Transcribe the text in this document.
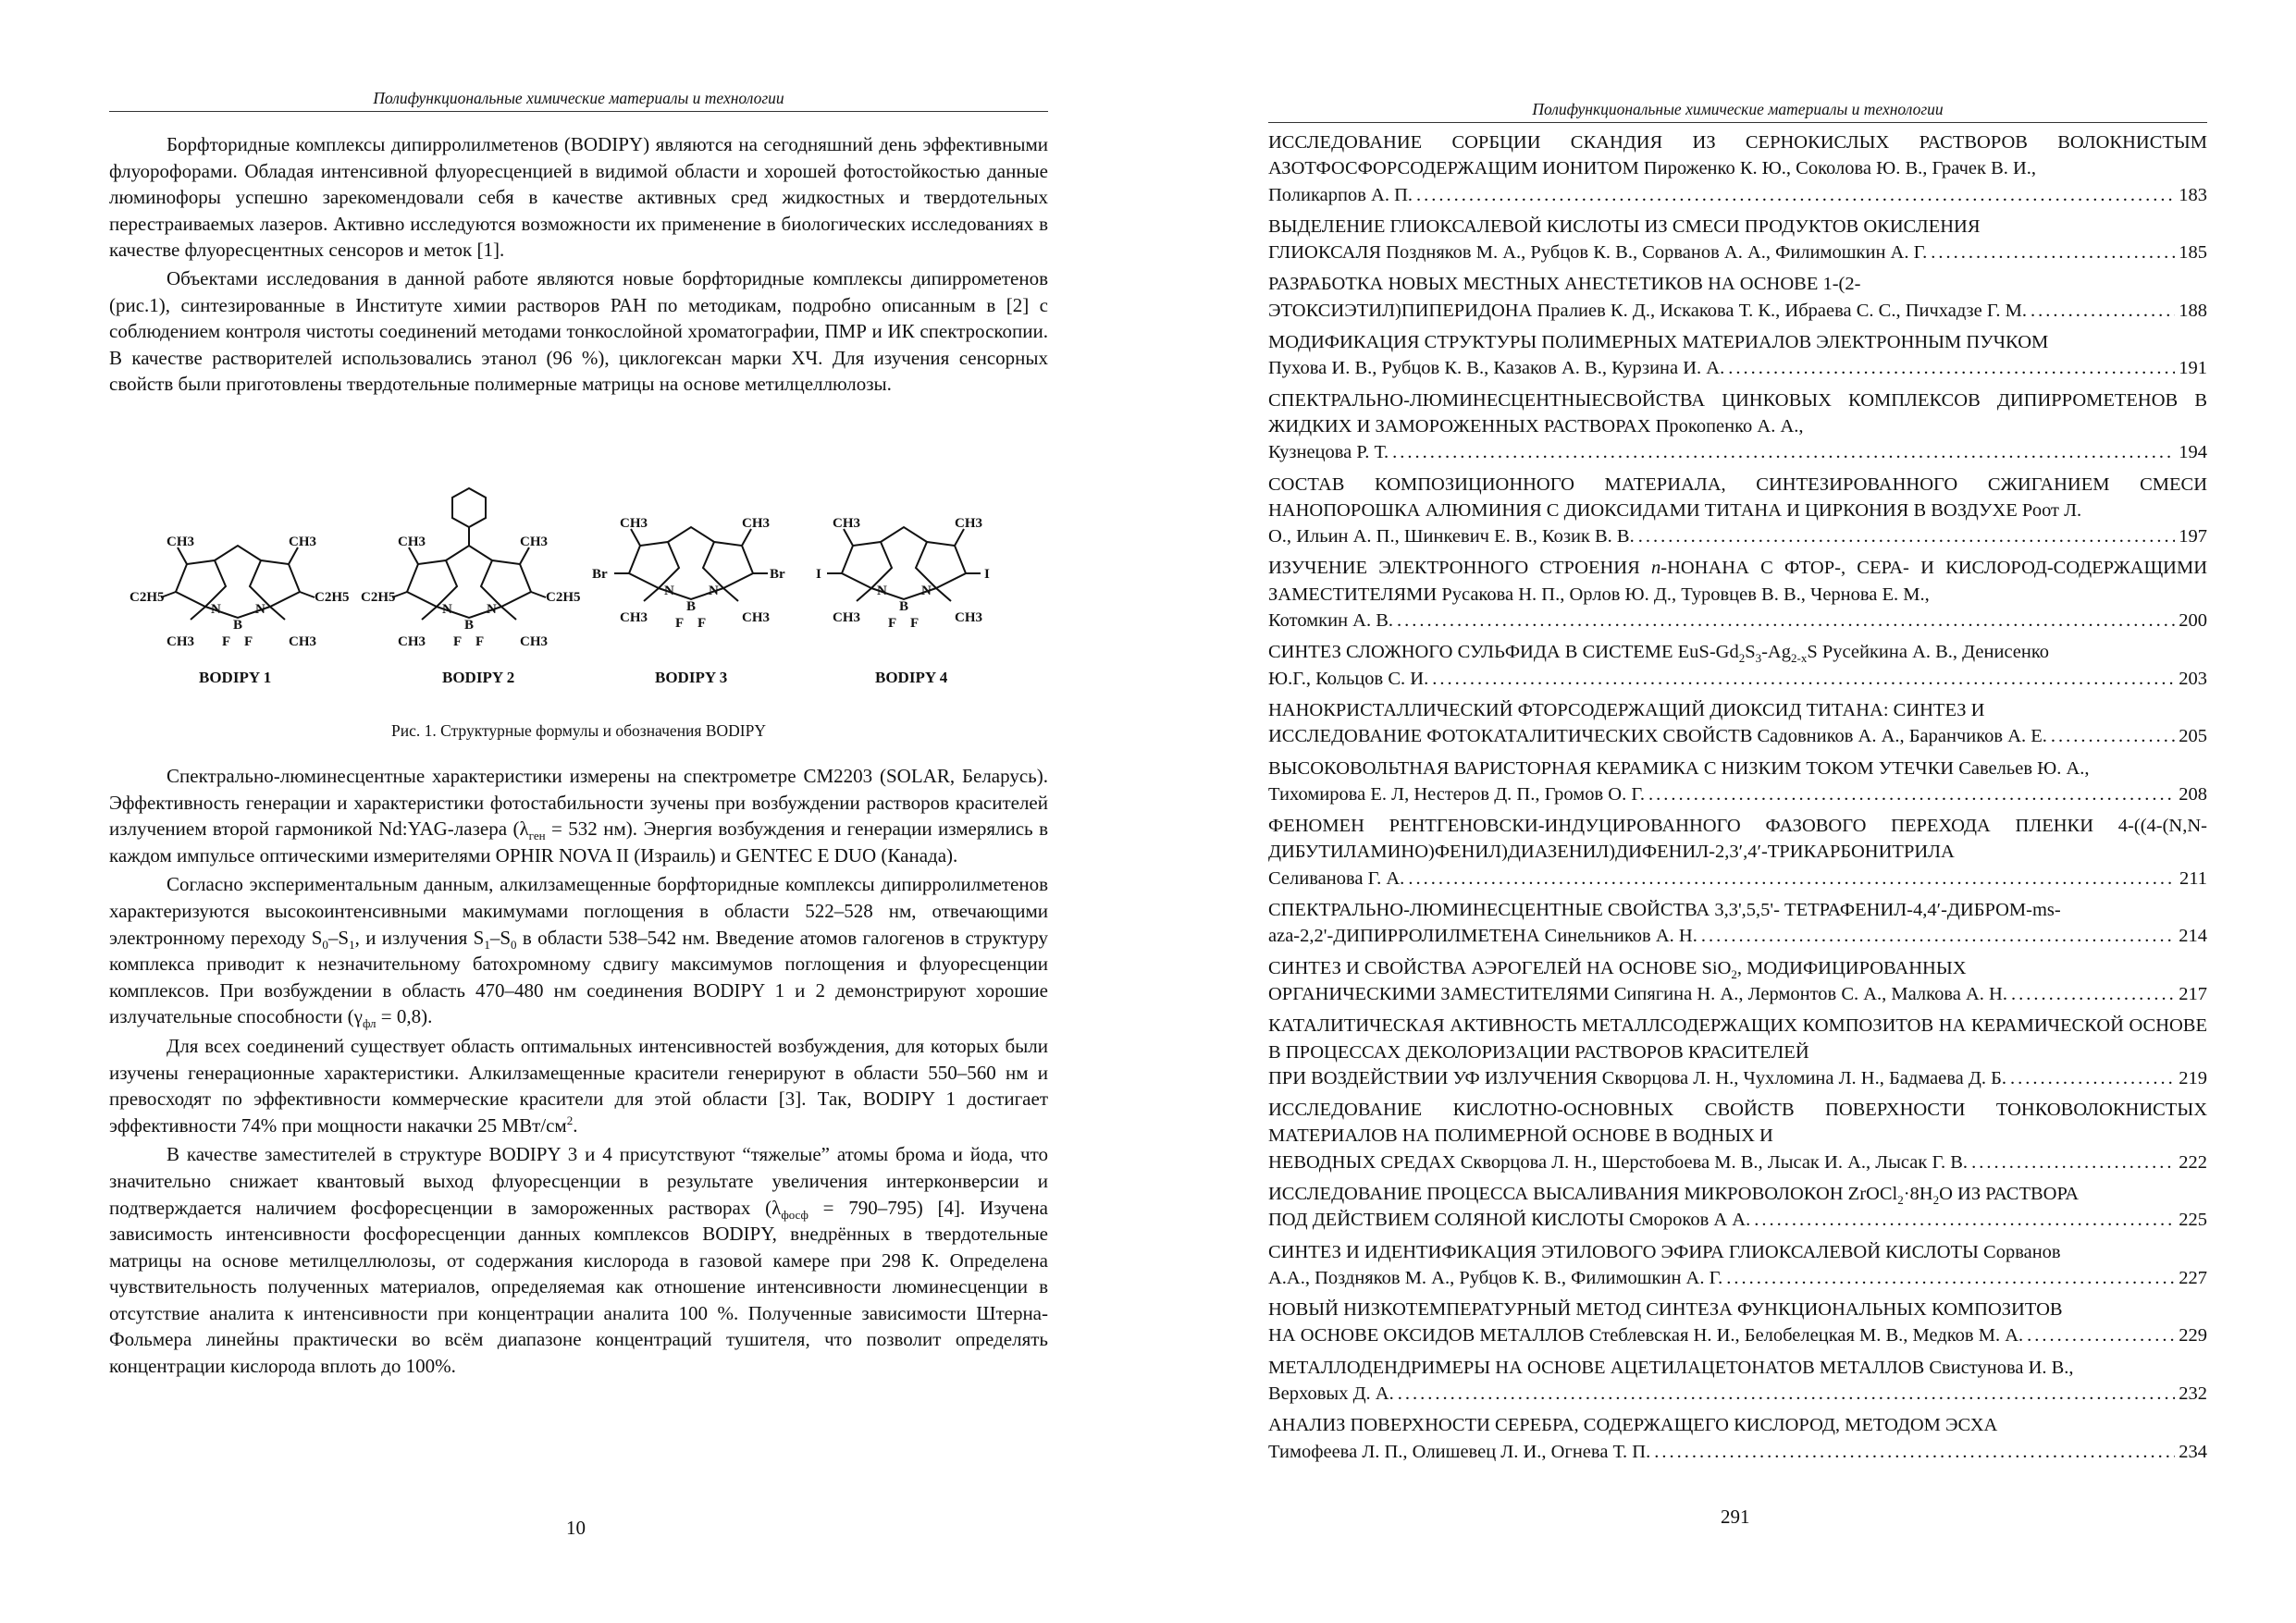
Полифункциональные химические материалы и технологии

Борфторидные комплексы дипирролилметенов (BODIPY) являются на сегодняшний день эффективными флуорофорами. Обладая интенсивной флуоресценцией в видимой области и хорошей фотостойкостью данные люминофоры успешно зарекомендовали себя в качестве активных сред жидкостных и твердотельных перестраиваемых лазеров. Активно исследуются возможности их применение в биологических исследованиях в качестве флуоресцентных сенсоров и меток [1].

Объектами исследования в данной работе являются новые борфторидные комплексы дипиррометенов (рис.1), синтезированные в Институте химии растворов РАН по методикам, подробно описанным в [2] с соблюдением контроля чистоты соединений методами тонкослойной хроматографии, ПМР и ИК спектроскопии. В качестве растворителей использовались этанол (96 %), циклогексан марки ХЧ. Для изучения сенсорных свойств были приготовлены твердотельные полимерные матрицы на основе метилцеллюлозы.

CH3	CH3
C2H5	C2H5
N N
B
F F
CH3	CH3
CH3	CH3
C2H5	C2H5
N N
B
F F
CH3	CH3
CH3	CH3
Br	Br
N N
B
F F
CH3	CH3
CH3	CH3
I	I
N N
B
F F
CH3	CH3
BODIPY 1	BODIPY 2	BODIPY 3	BODIPY 4
Рис. 1. Структурные формулы и обозначения BODIPY

Спектрально-люминесцентные характеристики измерены на спектрометре CM2203 (SOLAR, Беларусь). Эффективность генерации и характеристики фотостабильности зучены при возбуждении растворов красителей излучением второй гармоникой Nd:YAG-лазера ($\lambda_{ген} = 532$ нм). Энергия возбуждения и генерации измерялись в каждом импульсе оптическими измерителями OPHIR NOVA II (Израиль) и GENTEC E DUO (Канада).

Согласно экспериментальным данным, алкилзамещенные борфторидные комплексы дипирролилметенов характеризуются высокоинтенсивными макимумами поглощения в области 522–528 нм, отвечающими электронному переходу $S_0-S_1$, и излучения $S_1-S_0$ в области 538–542 нм. Введение атомов галогенов в структуру комплекса приводит к незначительному батохромному сдвигу максимумов поглощения и флуоресценции комплексов. При возбуждении в область 470–480 нм соединения BODIPY 1 и 2 демонстрируют хорошие излучательные способности $(\gamma_{фл} = 0,8)$.

Для всех соединений существует область оптимальных интенсивностей возбуждения, для которых были изучены генерационные характеристики. Алкилзамещенные красители генерируют в области 550–560 нм и превосходят по эффективности коммерческие красители для этой области [3]. Так, BODIPY 1 достигает эффективности 74% при мощности накачки 25 МВт/$см^2$.

В качестве заместителей в структуре BODIPY 3 и 4 присутствуют “тяжелые” атомы брома и йода, что значительно снижает квантовый выход флуоресценции в результате увеличения интерконверсии и подтверждается наличием фосфоресценции в замороженных растворах $(\lambda_{фосф} = 790-795)$ [4]. Изучена зависимость интенсивности фосфоресценции данных комплексов BODIPY, внедрённых в твердотельные матрицы на основе метилцеллюлозы, от содержания кислорода в газовой камере при 298 К. Определена чувствительность полученных материалов, определяемая как отношение интенсивности люминесценции в отсутствие аналита к интенсивности при концентрации аналита 100 %. Полученные зависимости Штерна-Фольмера линейны практически во всём диапазоне концентраций тушителя, что позволит определять концентрации кислорода вплоть до 100%.

10
Полифункциональные химические материалы и технологии
ИССЛЕДОВАНИЕ СОРБЦИИ СКАНДИЯ ИЗ СЕРНОКИСЛЫХ РАСТВОРОВ ВОЛОКНИСТЫМ АЗОТФОСФОРСОДЕРЖАЩИМ ИОНИТОМ Пироженко К. Ю., Соколова Ю. В., Грачек В. И.,
Поликарпов А. П. .....	183
ВЫДЕЛЕНИЕ ГЛИОКСАЛЕВОЙ КИСЛОТЫ ИЗ СМЕСИ ПРОДУКТОВ ОКИСЛЕНИЯ
ГЛИОКСАЛЯ Поздняков М. А., Рубцов К. В., Сорванов А. А., Филимошкин А. Г. .....	185
РАЗРАБОТКА НОВЫХ МЕСТНЫХ АНЕСТЕТИКОВ НА ОСНОВЕ 1-(2-
ЭТОКСИЭТИЛ)ПИПЕРИДОНА Пралиев К. Д., Искакова Т. К., Ибраева С. С., Пичхадзе Г. М. .....	188
МОДИФИКАЦИЯ СТРУКТУРЫ ПОЛИМЕРНЫХ МАТЕРИАЛОВ ЭЛЕКТРОННЫМ ПУЧКОМ
Пухова И. В., Рубцов К. В., Казаков А. В., Курзина И. А. .....	191
СПЕКТРАЛЬНО-ЛЮМИНЕСЦЕНТНЫЕСВОЙСТВА ЦИНКОВЫХ КОМПЛЕКСОВ ДИПИРРОМЕТЕНОВ В ЖИДКИХ И ЗАМОРОЖЕННЫХ РАСТВОРАХ Прокопенко А. А.,
Кузнецова Р. Т. .....	194
СОСТАВ КОМПОЗИЦИОННОГО МАТЕРИАЛА, СИНТЕЗИРОВАННОГО СЖИГАНИЕМ СМЕСИ НАНОПОРОШКА АЛЮМИНИЯ С ДИОКСИДАМИ ТИТАНА И ЦИРКОНИЯ В ВОЗДУХЕ Роот Л.
О., Ильин А. П., Шинкевич Е. В., Козик В. В. .....	197
ИЗУЧЕНИЕ ЭЛЕКТРОННОГО СТРОЕНИЯ n-НОНАНА С ФТОР-, СЕРА- И КИСЛОРОД-СОДЕРЖАЩИМИ ЗАМЕСТИТЕЛЯМИ Русакова Н. П., Орлов Ю. Д., Туровцев В. В., Чернова Е. М.,
Котомкин А. В. .....	200
СИНТЕЗ СЛОЖНОГО СУЛЬФИДА В СИСТЕМЕ EuS-$Gd_2S_3-Ag_{2-x}S$ Русейкина А. В., Денисенко
Ю.Г., Кольцов С. И. .....	203
НАНОКРИСТАЛЛИЧЕСКИЙ ФТОРСОДЕРЖАЩИЙ ДИОКСИД ТИТАНА: СИНТЕЗ И
ИССЛЕДОВАНИЕ ФОТОКАТАЛИТИЧЕСКИХ СВОЙСТВ Садовников А. А., Баранчиков А. Е. .....	205
ВЫСОКОВОЛЬТНАЯ ВАРИСТОРНАЯ КЕРАМИКА С НИЗКИМ ТОКОМ УТЕЧКИ Савельев Ю. А.,
Тихомирова Е. Л, Нестеров Д. П., Громов О. Г. .....	208
ФЕНОМЕН РЕНТГЕНОВСКИ-ИНДУЦИРОВАННОГО ФАЗОВОГО ПЕРЕХОДА ПЛЕНКИ 4-((4-(N,N-ДИБУТИЛАМИНО)ФЕНИЛ)ДИАЗЕНИЛ)ДИФЕНИЛ-2,3′,4′-ТРИКАРБОНИТРИЛА
Селиванова Г. А. .....	211
СПЕКТРАЛЬНО-ЛЮМИНЕСЦЕНТНЫЕ СВОЙСТВА 3,3',5,5'- ТЕТРАФЕНИЛ-4,4′-ДИБРОМ-ms-
aza-2,2'-ДИПИРРОЛИЛМЕТЕНА Синельников А. Н. .....	214
СИНТЕЗ И СВОЙСТВА АЭРОГЕЛЕЙ НА ОСНОВЕ SiO$_2$, МОДИФИЦИРОВАННЫХ
ОРГАНИЧЕСКИМИ ЗАМЕСТИТЕЛЯМИ Сипягина Н. А., Лермонтов С. А., Малкова А. Н. .....	217
КАТАЛИТИЧЕСКАЯ АКТИВНОСТЬ МЕТАЛЛСОДЕРЖАЩИХ КОМПОЗИТОВ НА КЕРАМИЧЕСКОЙ ОСНОВЕ В ПРОЦЕССАХ ДЕКОЛОРИЗАЦИИ РАСТВОРОВ КРАСИТЕЛЕЙ
ПРИ ВОЗДЕЙСТВИИ УФ ИЗЛУЧЕНИЯ Скворцова Л. Н., Чухломина Л. Н., Бадмаева Д. Б. .....	219
ИССЛЕДОВАНИЕ КИСЛОТНО-ОСНОВНЫХ СВОЙСТВ ПОВЕРХНОСТИ ТОНКОВОЛОКНИСТЫХ МАТЕРИАЛОВ НА ПОЛИМЕРНОЙ ОСНОВЕ В ВОДНЫХ И
НЕВОДНЫХ СРЕДАХ Скворцова Л. Н., Шерстобоева М. В., Лысак И. А., Лысак Г. В. .....	222
ИССЛЕДОВАНИЕ ПРОЦЕССА ВЫСАЛИВАНИЯ МИКРОВОЛОКОН $ZrOCl_2\cdot 8H_2O$ ИЗ РАСТВОРА
ПОД ДЕЙСТВИЕМ СОЛЯНОЙ КИСЛОТЫ Смороков А А. .....	225
СИНТЕЗ И ИДЕНТИФИКАЦИЯ ЭТИЛОВОГО ЭФИРА ГЛИОКСАЛЕВОЙ КИСЛОТЫ Сорванов
А.А., Поздняков М. А., Рубцов К. В., Филимошкин А. Г. .....	227
НОВЫЙ НИЗКОТЕМПЕРАТУРНЫЙ МЕТОД СИНТЕЗА ФУНКЦИОНАЛЬНЫХ КОМПОЗИТОВ
НА ОСНОВЕ ОКСИДОВ МЕТАЛЛОВ Стеблевская Н. И., Белобелецкая М. В., Медков М. А. .....	229
МЕТАЛЛОДЕНДРИМЕРЫ НА ОСНОВЕ АЦЕТИЛАЦЕТОНАТОВ МЕТАЛЛОВ Свистунова И. В.,
Верховых Д. А. .....	232
АНАЛИЗ ПОВЕРХНОСТИ СЕРЕБРА, СОДЕРЖАЩЕГО КИСЛОРОД, МЕТОДОМ ЭСХА
Тимофеева Л. П., Олишевец Л. И., Огнева Т. П. .....	234
291
